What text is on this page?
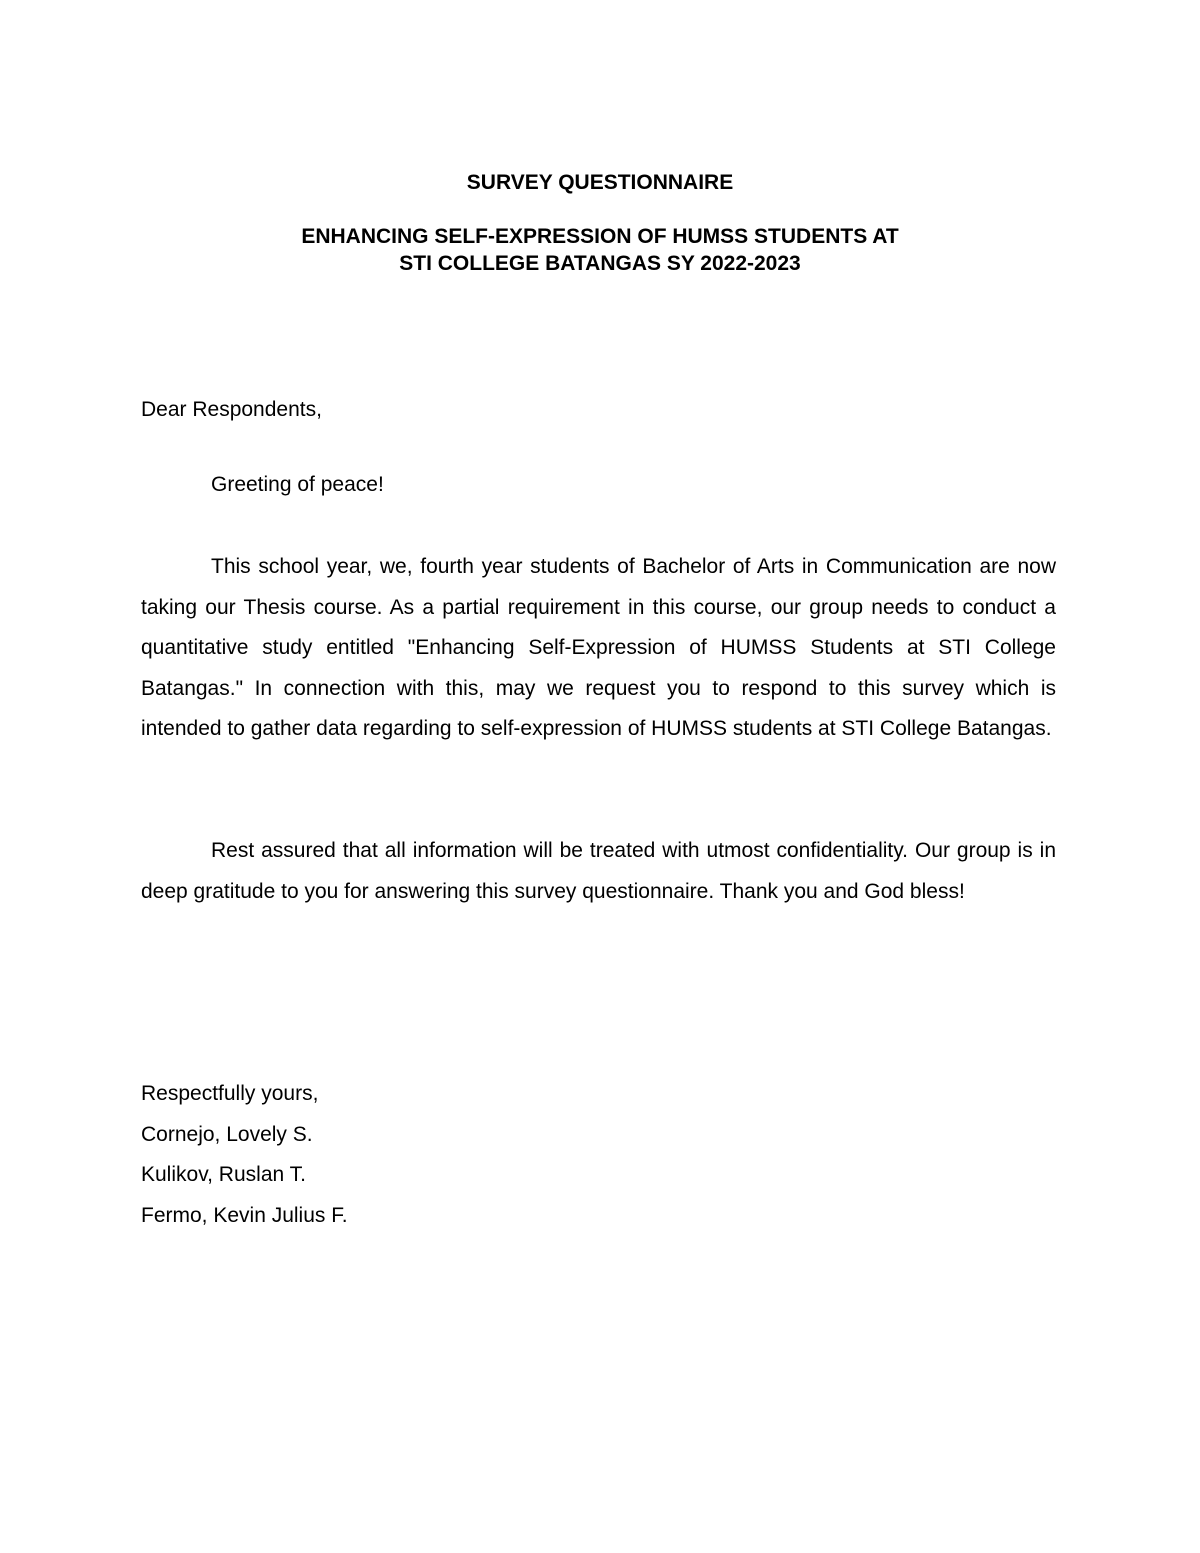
SURVEY QUESTIONNAIRE
ENHANCING SELF-EXPRESSION OF HUMSS STUDENTS AT
STI COLLEGE BATANGAS SY 2022-2023

Dear Respondents,

Greeting of peace!

This school year, we, fourth year students of Bachelor of Arts in Communication are now taking our Thesis course. As a partial requirement in this course, our group needs to conduct a quantitative study entitled "Enhancing Self-Expression of HUMSS Students at STI College Batangas." In connection with this, may we request you to respond to this survey which is intended to gather data regarding to self-expression of HUMSS students at STI College Batangas.

Rest assured that all information will be treated with utmost confidentiality. Our group is in deep gratitude to you for answering this survey questionnaire. Thank you and God bless!

Respectfully yours,

Cornejo, Lovely S.

Kulikov, Ruslan T.

Fermo, Kevin Julius F.
